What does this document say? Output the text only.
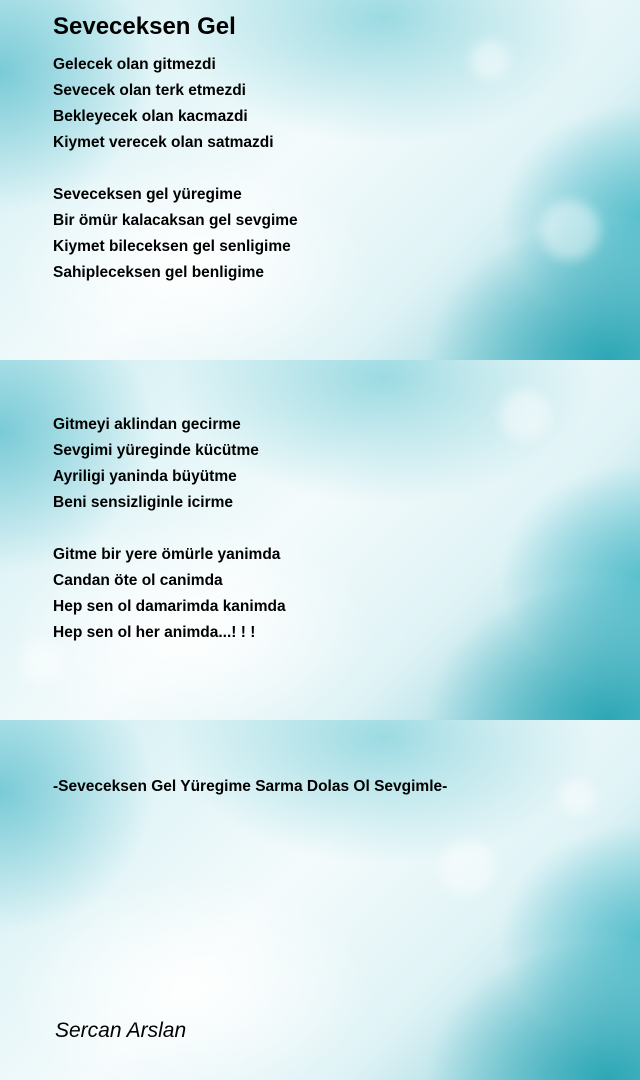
Seveceksen Gel
Gelecek olan gitmezdi
Sevecek olan terk etmezdi
Bekleyecek olan kacmazdi
Kiymet verecek olan satmazdi
Seveceksen gel yüregime
Bir ömür kalacaksan gel sevgime
Kiymet bileceksen gel senligime
Sahipleceksen gel benligime
Gitmeyi aklindan gecirme
Sevgimi yüreginde kücütme
Ayriligi yaninda büyütme
Beni sensizliginle icirme
Gitme bir yere ömürle yanimda
Candan öte ol canimda
Hep sen ol damarimda kanimda
Hep sen ol her animda...! ! !

-Seveceksen Gel Yüregime Sarma Dolas Ol Sevgimle-

Sercan Arslan
